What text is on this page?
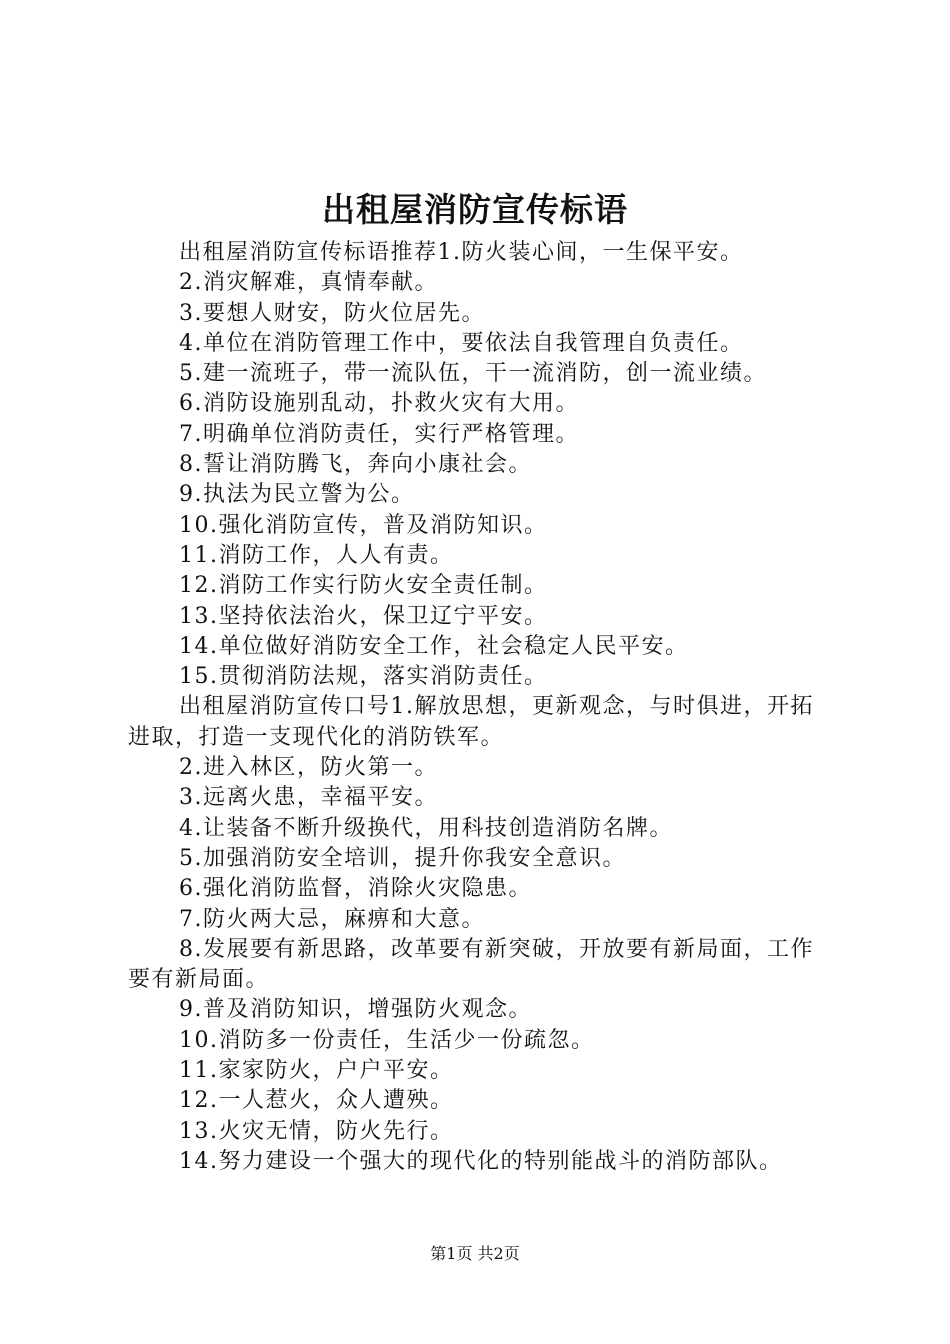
出租屋消防宣传标语

出租屋消防宣传标语推荐1.防火装心间，一生保平安。

2.消灾解难，真情奉献。

3.要想人财安，防火位居先。

4.单位在消防管理工作中，要依法自我管理自负责任。

5.建一流班子，带一流队伍，干一流消防，创一流业绩。

6.消防设施别乱动，扑救火灾有大用。

7.明确单位消防责任，实行严格管理。

8.誓让消防腾飞，奔向小康社会。

9.执法为民立警为公。

10.强化消防宣传，普及消防知识。

11.消防工作，人人有责。

12.消防工作实行防火安全责任制。

13.坚持依法治火，保卫辽宁平安。

14.单位做好消防安全工作，社会稳定人民平安。

15.贯彻消防法规，落实消防责任。

出租屋消防宣传口号1.解放思想，更新观念，与时俱进，开拓进取，打造一支现代化的消防铁军。

2.进入林区，防火第一。

3.远离火患，幸福平安。

4.让装备不断升级换代，用科技创造消防名牌。

5.加强消防安全培训，提升你我安全意识。

6.强化消防监督，消除火灾隐患。

7.防火两大忌，麻痹和大意。

8.发展要有新思路，改革要有新突破，开放要有新局面，工作要有新局面。

9.普及消防知识，增强防火观念。

10.消防多一份责任，生活少一份疏忽。

11.家家防火，户户平安。

12.一人惹火，众人遭殃。

13.火灾无情，防火先行。

14.努力建设一个强大的现代化的特别能战斗的消防部队。

第1页 共2页
